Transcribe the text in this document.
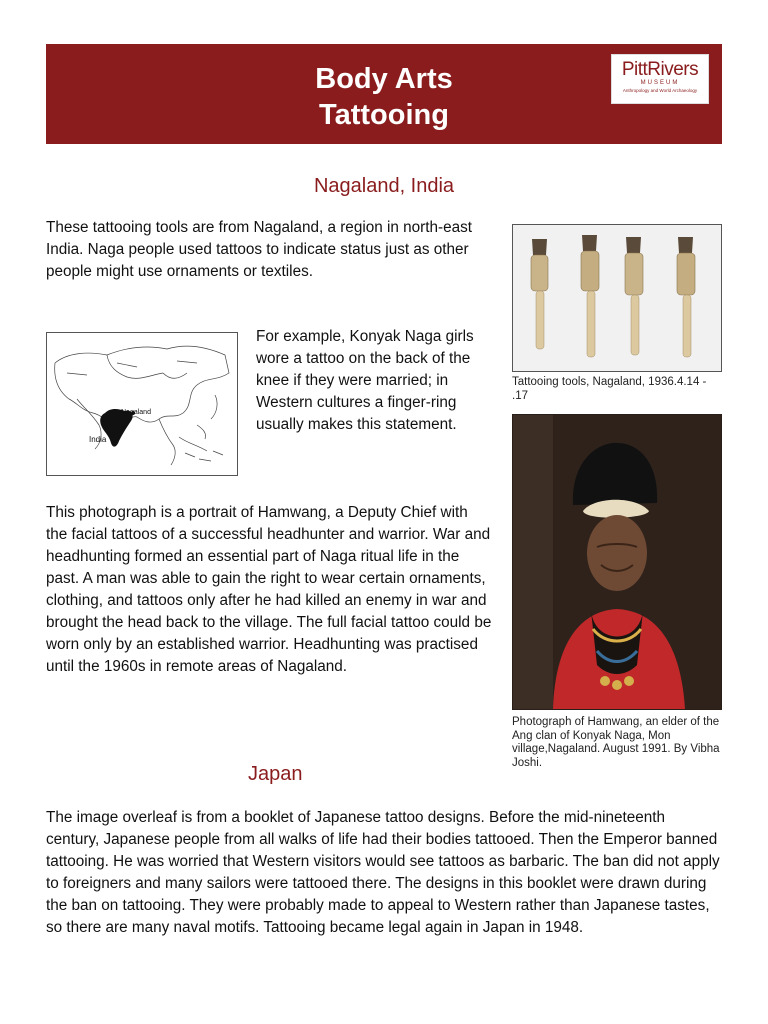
Body Arts
Tattooing
PittRivers
MUSEUM
Anthropology and World Archaeology
Nagaland, India
These tattooing tools are from Nagaland, a region in north-east India. Naga people used tattoos to indicate status just as other people might use ornaments or textiles.
Nagaland
India
For example, Konyak Naga girls wore a tattoo on the back of the knee if they were married; in Western cultures a finger-ring usually makes this statement.
This photograph is a portrait of Hamwang, a Deputy Chief with the facial tattoos of a successful headhunter and warrior. War and headhunting formed an essential part of Naga ritual life in the past. A man was able to gain the right to wear certain ornaments, clothing, and tattoos only after he had killed an enemy in war and brought the head back to the village. The full facial tattoo could be worn only by an established warrior. Headhunting was practised until the 1960s in remote areas of Nagaland.
Tattooing tools, Nagaland, 1936.4.14 - .17
Photograph of Hamwang, an elder of the Ang clan of Konyak Naga, Mon village,Nagaland. August 1991. By Vibha Joshi.
Japan
The image overleaf is from a booklet of Japanese tattoo designs. Before the mid-nineteenth century, Japanese people from all walks of life had their bodies tattooed. Then the Emperor banned tattooing. He was worried that Western visitors would see tattoos as barbaric. The ban did not apply to foreigners and many sailors were tattooed there. The designs in this booklet were drawn during the ban on tattooing. They were probably made to appeal to Western rather than Japanese tastes, so there are many naval motifs. Tattooing became legal again in Japan in 1948.
